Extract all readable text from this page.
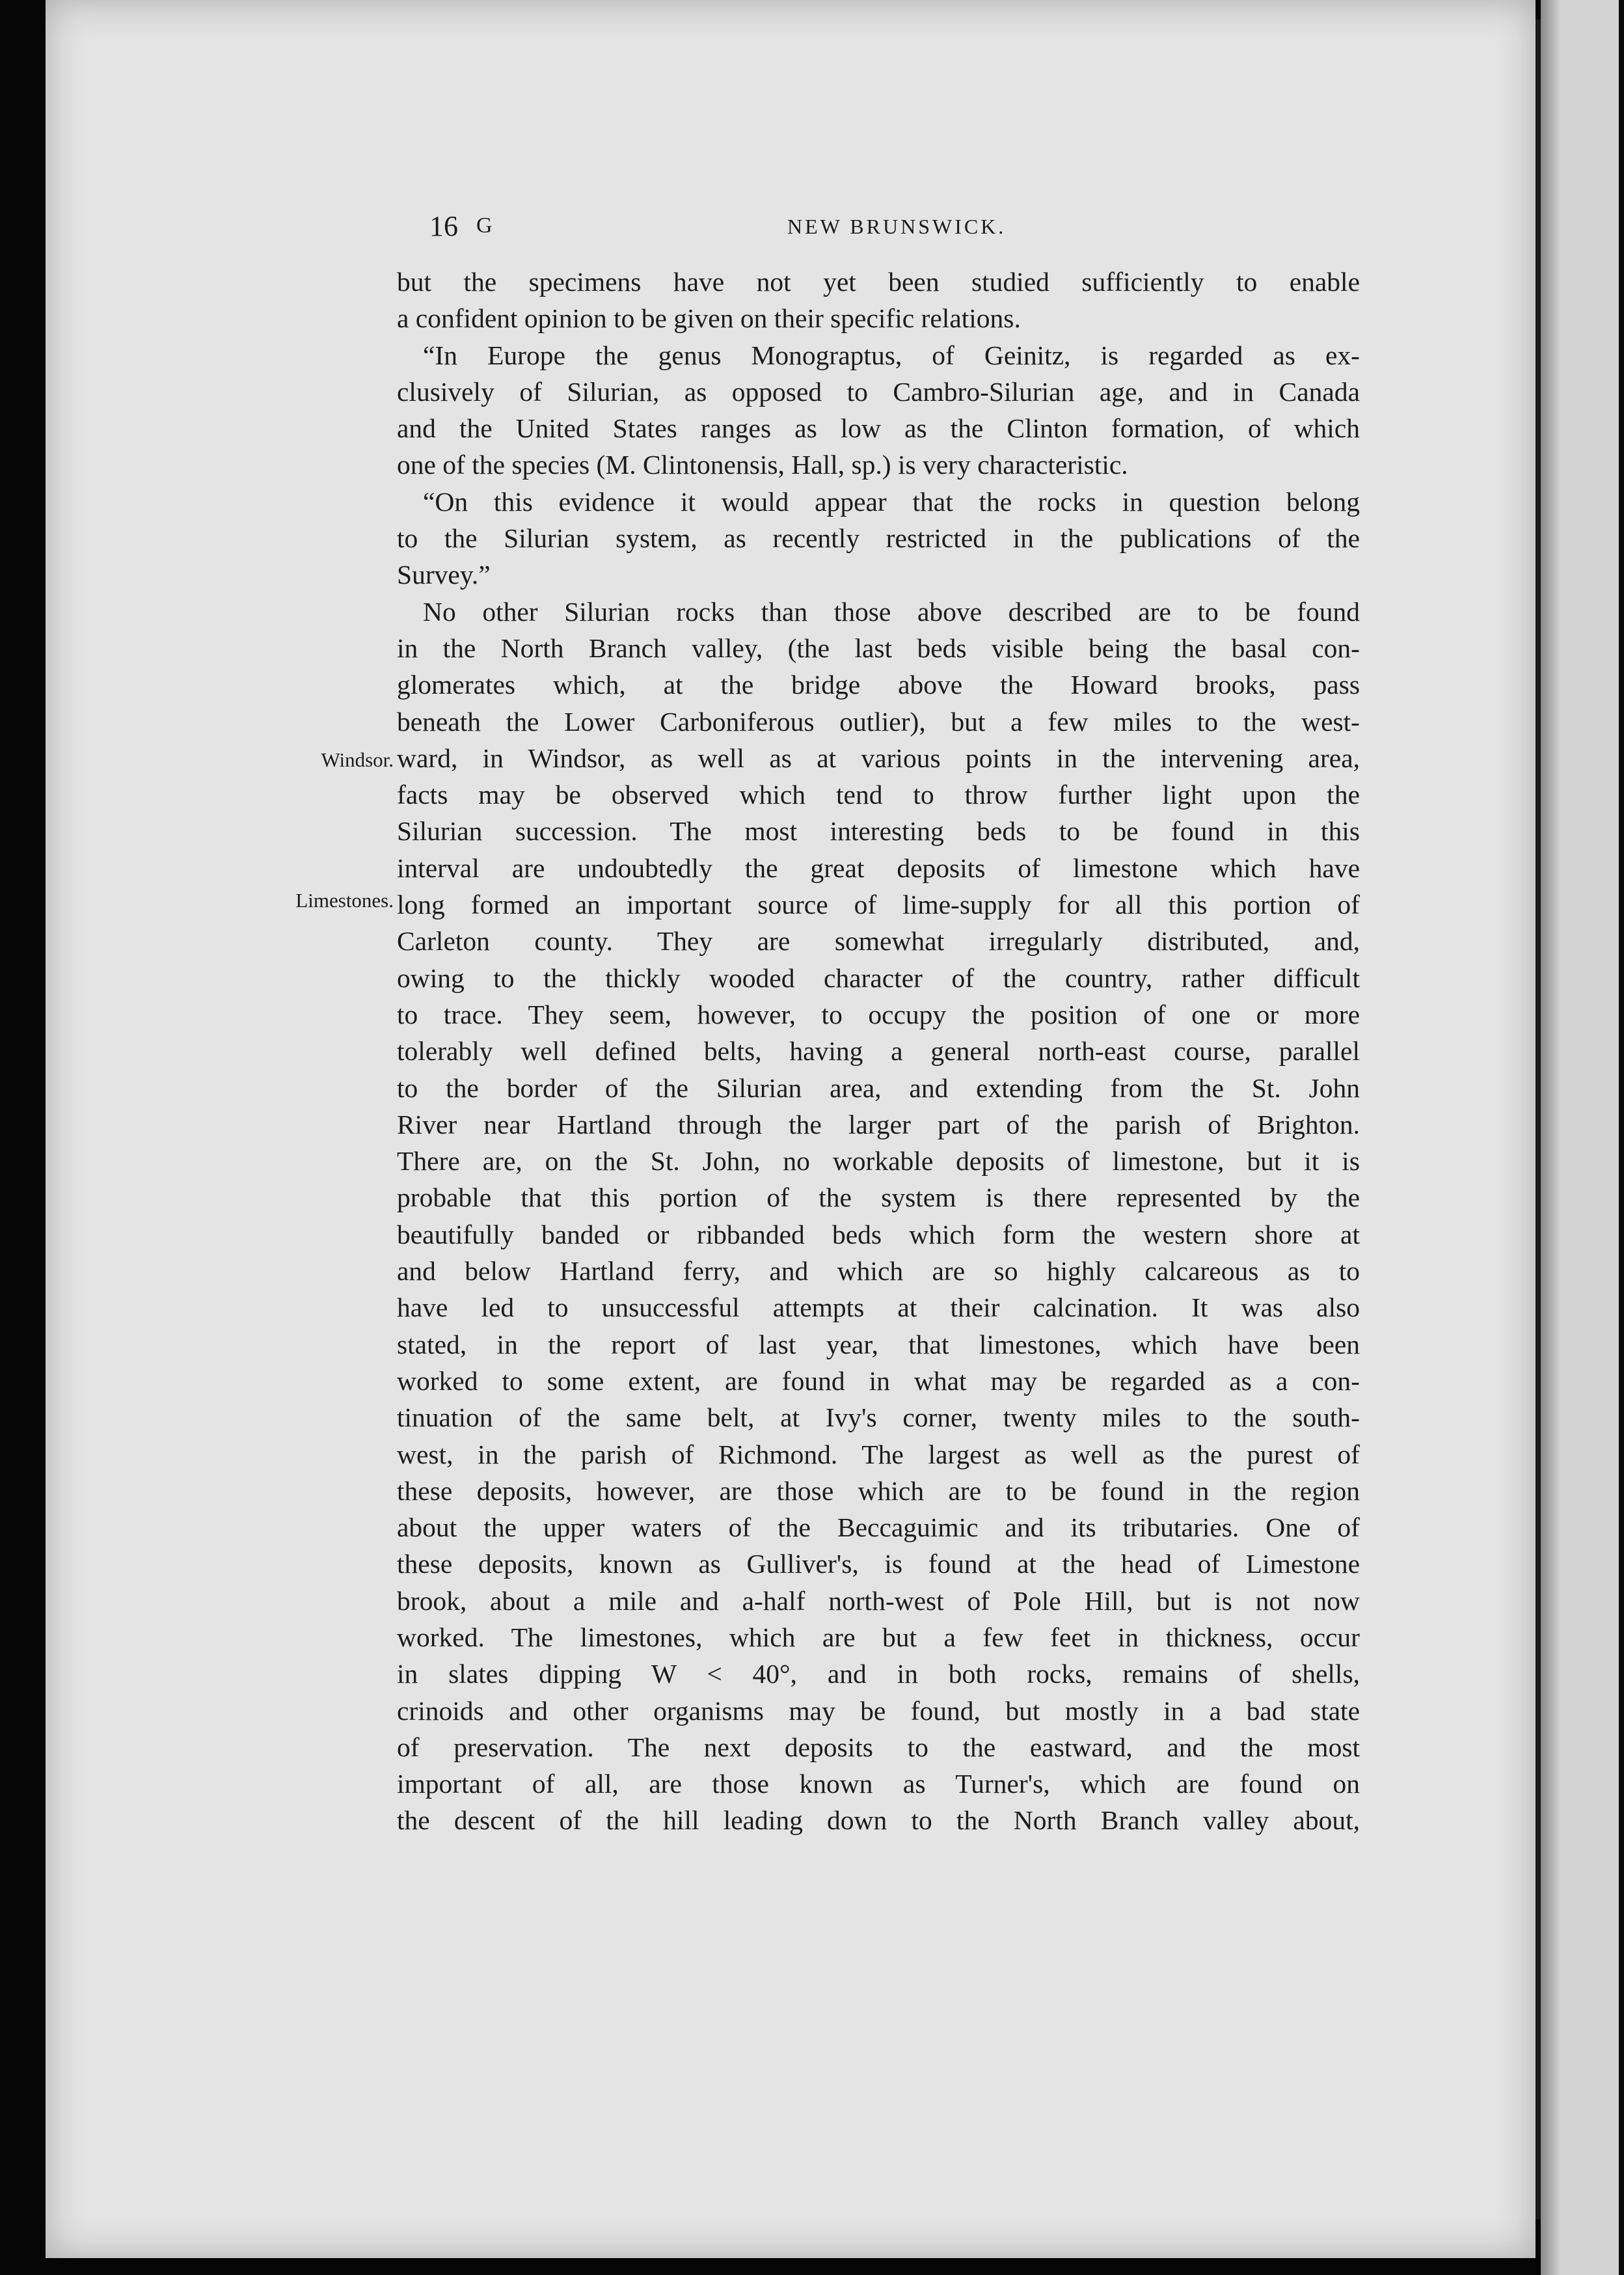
16 G	NEW BRUNSWICK.
Windsor.
Limestones.
but the specimens have not yet been studied sufficiently to enable
a confident opinion to be given on their specific relations.
“In Europe the genus Monograptus, of Geinitz, is regarded as ex-
clusively of Silurian, as opposed to Cambro-Silurian age, and in Canada
and the United States ranges as low as the Clinton formation, of which
one of the species (M. Clintonensis, Hall, sp.) is very characteristic.
“On this evidence it would appear that the rocks in question belong
to the Silurian system, as recently restricted in the publications of the
Survey.”
No other Silurian rocks than those above described are to be found
in the North Branch valley, (the last beds visible being the basal con-
glomerates which, at the bridge above the Howard brooks, pass
beneath the Lower Carboniferous outlier), but a few miles to the west-
ward, in Windsor, as well as at various points in the intervening area,
facts may be observed which tend to throw further light upon the
Silurian succession. The most interesting beds to be found in this
interval are undoubtedly the great deposits of limestone which have
long formed an important source of lime-supply for all this portion of
Carleton county. They are somewhat irregularly distributed, and,
owing to the thickly wooded character of the country, rather difficult
to trace. They seem, however, to occupy the position of one or more
tolerably well defined belts, having a general north-east course, parallel
to the border of the Silurian area, and extending from the St. John
River near Hartland through the larger part of the parish of Brighton.
There are, on the St. John, no workable deposits of limestone, but it is
probable that this portion of the system is there represented by the
beautifully banded or ribbanded beds which form the western shore at
and below Hartland ferry, and which are so highly calcareous as to
have led to unsuccessful attempts at their calcination. It was also
stated, in the report of last year, that limestones, which have been
worked to some extent, are found in what may be regarded as a con-
tinuation of the same belt, at Ivy's corner, twenty miles to the south-
west, in the parish of Richmond. The largest as well as the purest of
these deposits, however, are those which are to be found in the region
about the upper waters of the Beccaguimic and its tributaries. One of
these deposits, known as Gulliver's, is found at the head of Limestone
brook, about a mile and a-half north-west of Pole Hill, but is not now
worked. The limestones, which are but a few feet in thickness, occur
in slates dipping W < 40°, and in both rocks, remains of shells,
crinoids and other organisms may be found, but mostly in a bad state
of preservation. The next deposits to the eastward, and the most
important of all, are those known as Turner's, which are found on
the descent of the hill leading down to the North Branch valley about,
